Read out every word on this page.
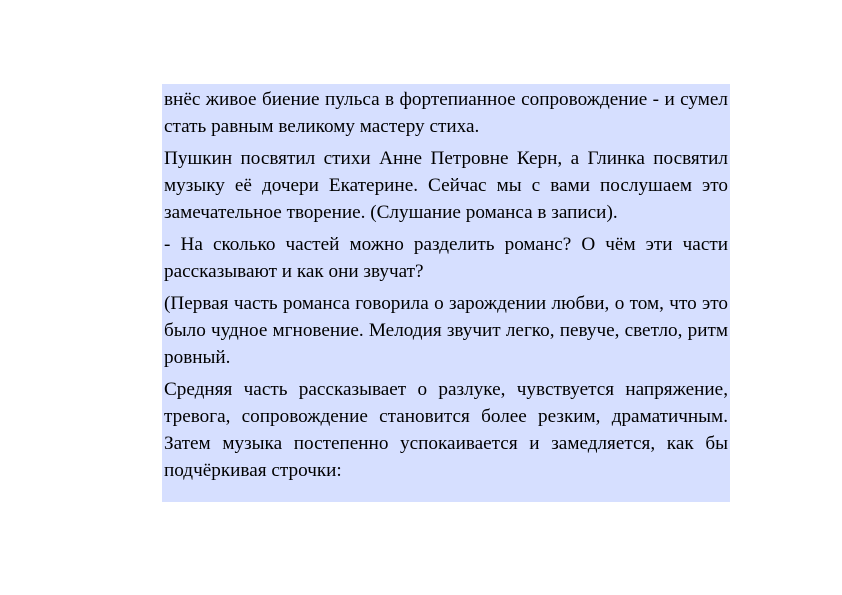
внёс живое биение пульса в фортепианное сопровождение - и сумел стать равным великому мастеру стиха.

Пушкин посвятил стихи Анне Петровне Керн, а Глинка посвятил музыку её дочери Екатерине. Сейчас мы с вами послушаем это замечательное творение. (Слушание романса в записи).

- На сколько частей можно разделить романс? О чём эти части рассказывают и как они звучат?

(Первая часть романса говорила о зарождении любви, о том, что это было чудное мгновение. Мелодия звучит легко, певуче, светло, ритм ровный.

Средняя часть рассказывает о разлуке, чувствуется напряжение, тревога, сопровождение становится более резким, драматичным. Затем музыка постепенно успокаивается и замедляется, как бы подчёркивая строчки:
